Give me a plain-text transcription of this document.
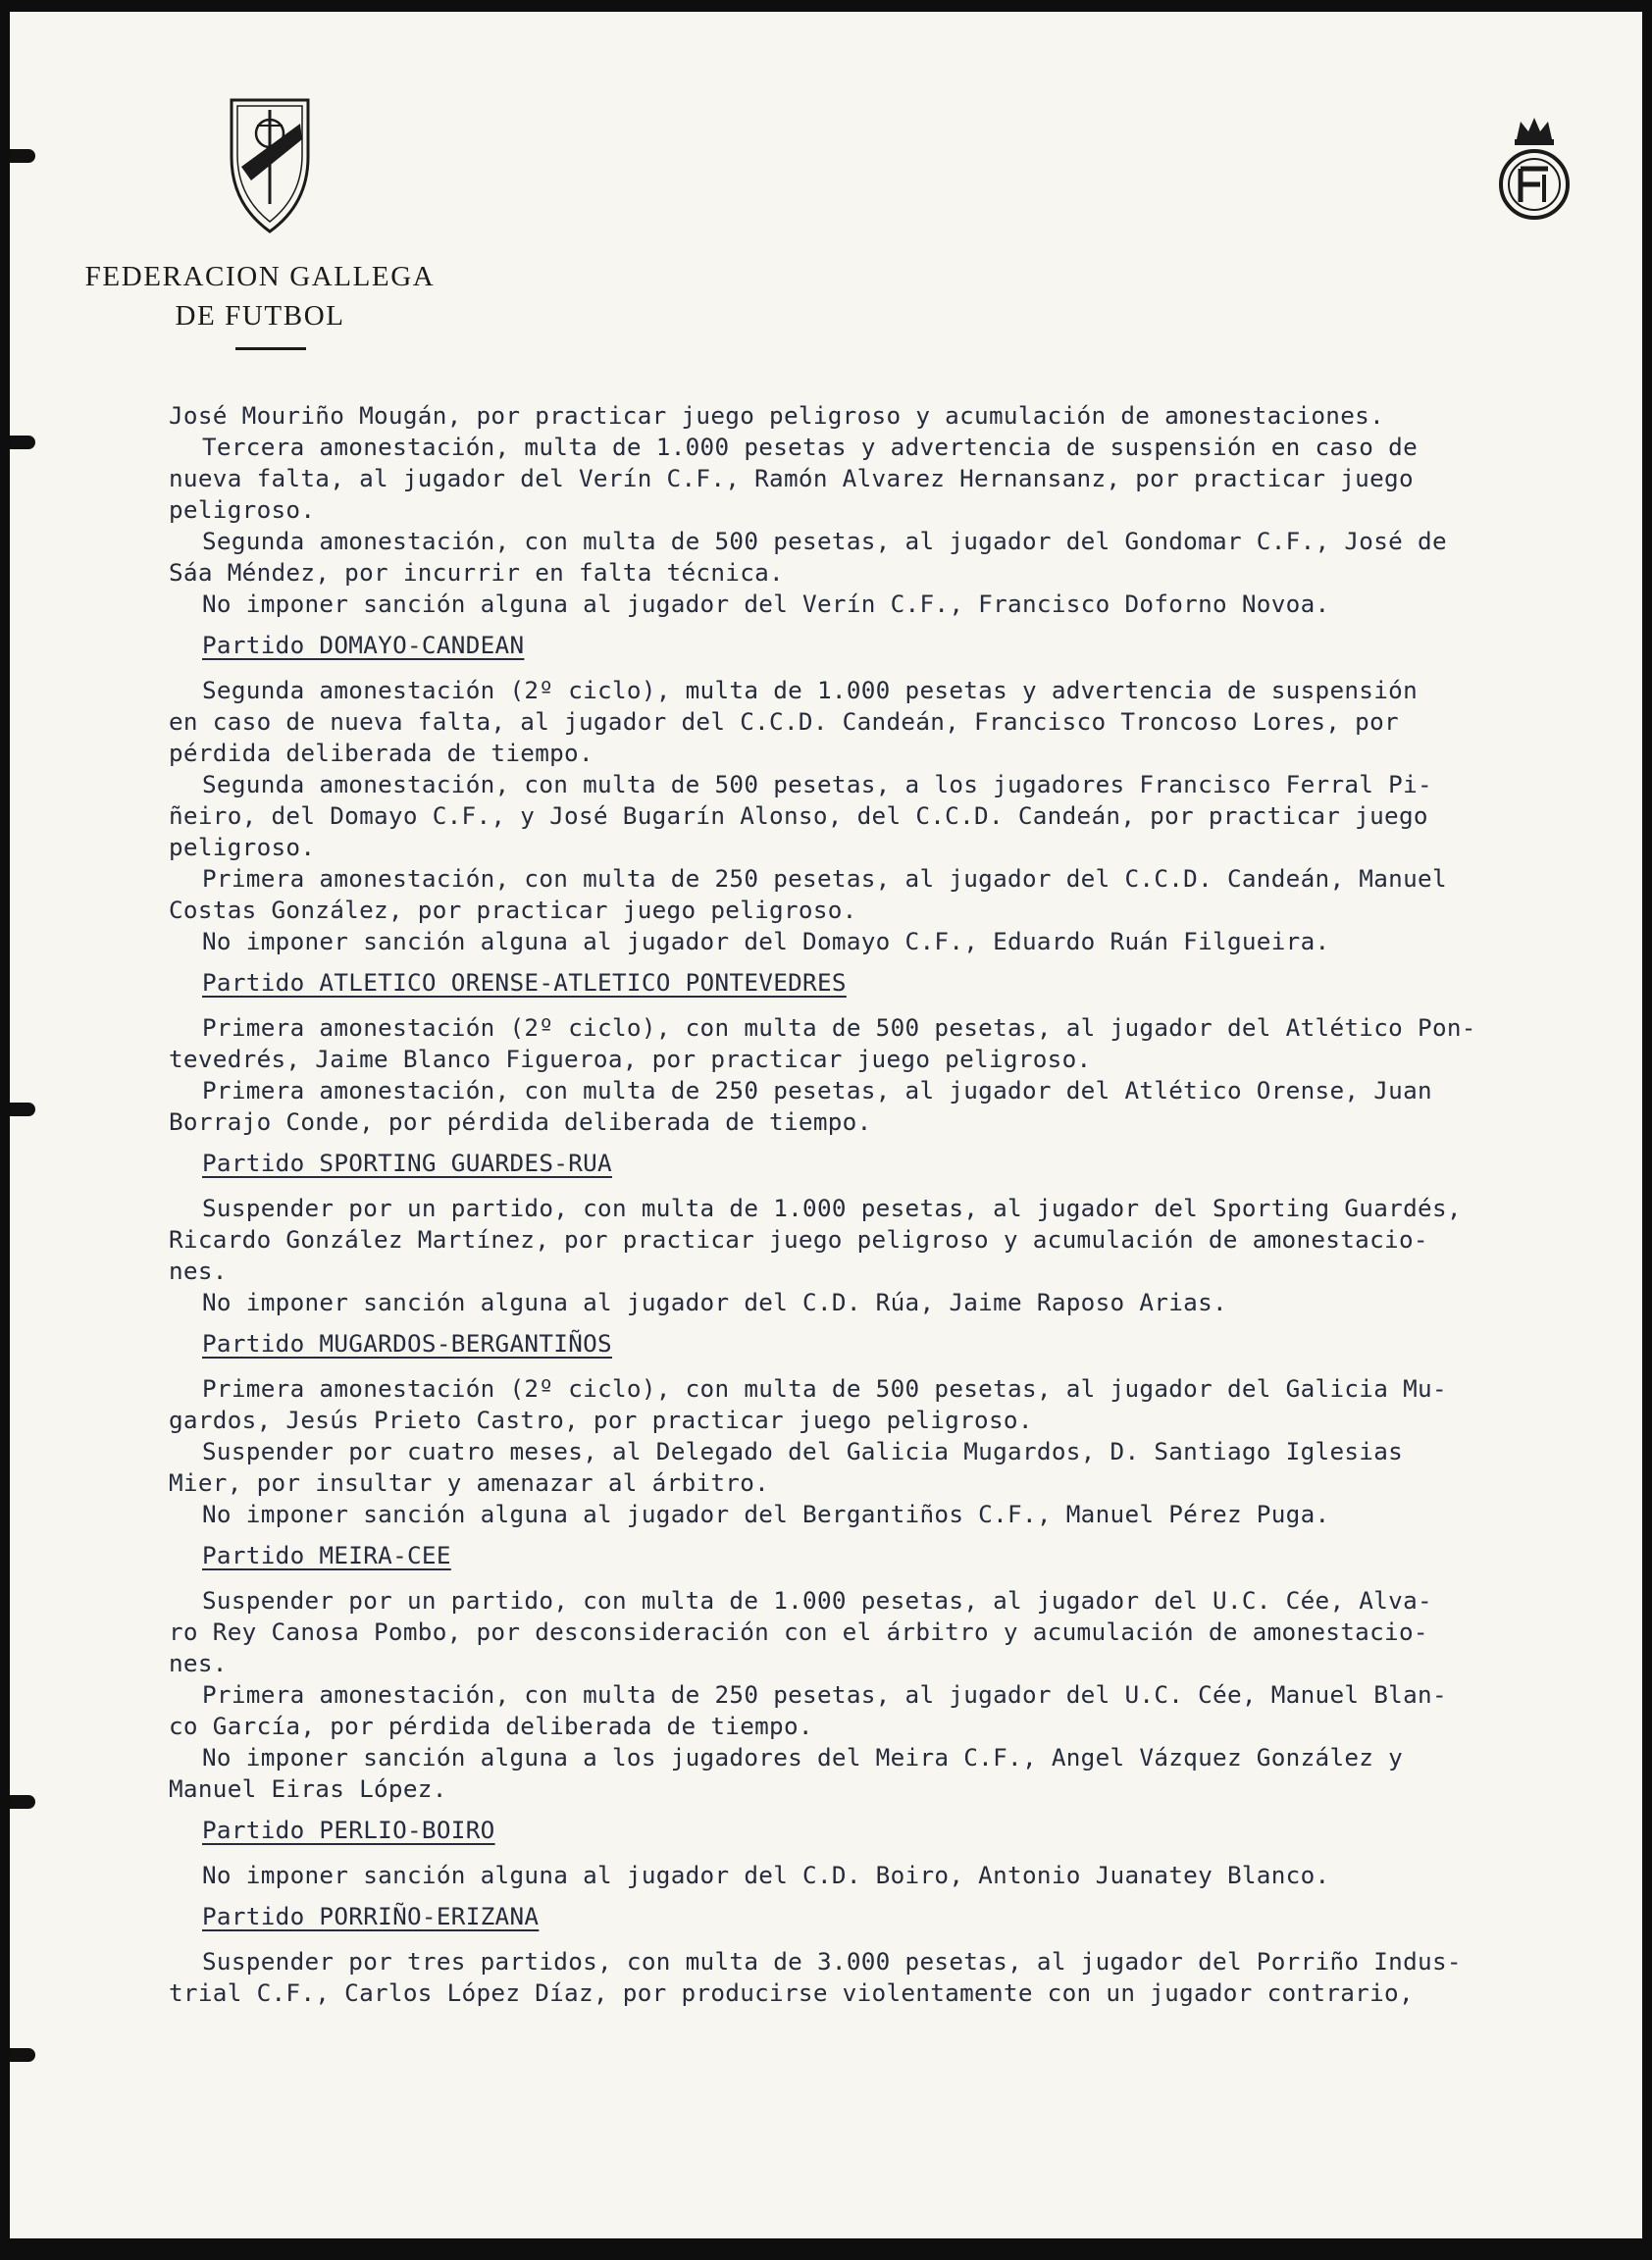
FEDERACION GALLEGA
DE FUTBOL
José Mouriño Mougán, por practicar juego peligroso y acumulación de amonestaciones.
Tercera amonestación, multa de 1.000 pesetas y advertencia de suspensión en caso de
nueva falta, al jugador del Verín C.F., Ramón Alvarez Hernansanz, por practicar juego
peligroso.
Segunda amonestación, con multa de 500 pesetas, al jugador del Gondomar C.F., José de
Sáa Méndez, por incurrir en falta técnica.
No imponer sanción alguna al jugador del Verín C.F., Francisco Doforno Novoa.
Partido DOMAYO-CANDEAN
Segunda amonestación (2º ciclo), multa de 1.000 pesetas y advertencia de suspensión
en caso de nueva falta, al jugador del C.C.D. Candeán, Francisco Troncoso Lores, por
pérdida deliberada de tiempo.
Segunda amonestación, con multa de 500 pesetas, a los jugadores Francisco Ferral Pi-
ñeiro, del Domayo C.F., y José Bugarín Alonso, del C.C.D. Candeán, por practicar juego
peligroso.
Primera amonestación, con multa de 250 pesetas, al jugador del C.C.D. Candeán, Manuel
Costas González, por practicar juego peligroso.
No imponer sanción alguna al jugador del Domayo C.F., Eduardo Ruán Filgueira.
Partido ATLETICO ORENSE-ATLETICO PONTEVEDRES
Primera amonestación (2º ciclo), con multa de 500 pesetas, al jugador del Atlético Pon-
tevedrés, Jaime Blanco Figueroa, por practicar juego peligroso.
Primera amonestación, con multa de 250 pesetas, al jugador del Atlético Orense, Juan
Borrajo Conde, por pérdida deliberada de tiempo.
Partido SPORTING GUARDES-RUA
Suspender por un partido, con multa de 1.000 pesetas, al jugador del Sporting Guardés,
Ricardo González Martínez, por practicar juego peligroso y acumulación de amonestacio-
nes.
No imponer sanción alguna al jugador del C.D. Rúa, Jaime Raposo Arias.
Partido MUGARDOS-BERGANTIÑOS
Primera amonestación (2º ciclo), con multa de 500 pesetas, al jugador del Galicia Mu-
gardos, Jesús Prieto Castro, por practicar juego peligroso.
Suspender por cuatro meses, al Delegado del Galicia Mugardos, D. Santiago Iglesias
Mier, por insultar y amenazar al árbitro.
No imponer sanción alguna al jugador del Bergantiños C.F., Manuel Pérez Puga.
Partido MEIRA-CEE
Suspender por un partido, con multa de 1.000 pesetas, al jugador del U.C. Cée, Alva-
ro Rey Canosa Pombo, por desconsideración con el árbitro y acumulación de amonestacio-
nes.
Primera amonestación, con multa de 250 pesetas, al jugador del U.C. Cée, Manuel Blan-
co García, por pérdida deliberada de tiempo.
No imponer sanción alguna a los jugadores del Meira C.F., Angel Vázquez González y
Manuel Eiras López.
Partido PERLIO-BOIRO
No imponer sanción alguna al jugador del C.D. Boiro, Antonio Juanatey Blanco.
Partido PORRIÑO-ERIZANA
Suspender por tres partidos, con multa de 3.000 pesetas, al jugador del Porriño Indus-
trial C.F., Carlos López Díaz, por producirse violentamente con un jugador contrario,
